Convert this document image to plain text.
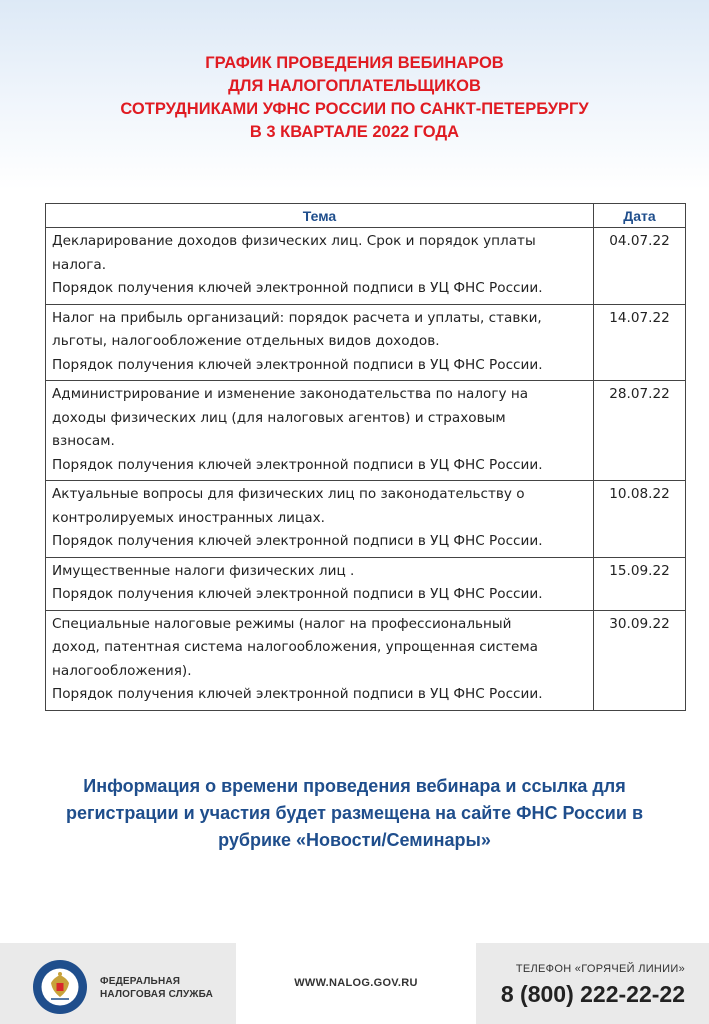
ГРАФИК ПРОВЕДЕНИЯ ВЕБИНАРОВ
ДЛЯ НАЛОГОПЛАТЕЛЬЩИКОВ
СОТРУДНИКАМИ УФНС РОССИИ ПО САНКТ-ПЕТЕРБУРГУ
В 3 КВАРТАЛЕ 2022 ГОДА
Тема	Дата

Декларирование доходов физических лиц. Срок и порядок уплаты
налога.
Порядок получения ключей электронной подписи в УЦ ФНС России.	04.07.22

Налог на прибыль организаций: порядок расчета и уплаты, ставки,
льготы, налогообложение отдельных видов доходов.
Порядок получения ключей электронной подписи в УЦ ФНС России.	14.07.22

Администрирование и изменение законодательства по налогу на
доходы физических лиц (для налоговых агентов) и страховым
взносам.
Порядок получения ключей электронной подписи в УЦ ФНС России.	28.07.22

Актуальные вопросы для физических лиц по законодательству о
контролируемых иностранных лицах.
Порядок получения ключей электронной подписи в УЦ ФНС России.	10.08.22

Имущественные налоги физических лиц .
Порядок получения ключей электронной подписи в УЦ ФНС России.	15.09.22

Специальные налоговые режимы (налог на профессиональный
доход, патентная система налогообложения, упрощенная система
налогообложения).
Порядок получения ключей электронной подписи в УЦ ФНС России.	30.09.22
Информация о времени проведения вебинара и ссылка для регистрации и участия будет размещена на сайте ФНС России в рубрике «Новости/Семинары»
ФЕДЕРАЛЬНАЯ
НАЛОГОВАЯ СЛУЖБА
WWW.NALOG.GOV.RU
ТЕЛЕФОН «ГОРЯЧЕЙ ЛИНИИ»
8 (800) 222-22-22
